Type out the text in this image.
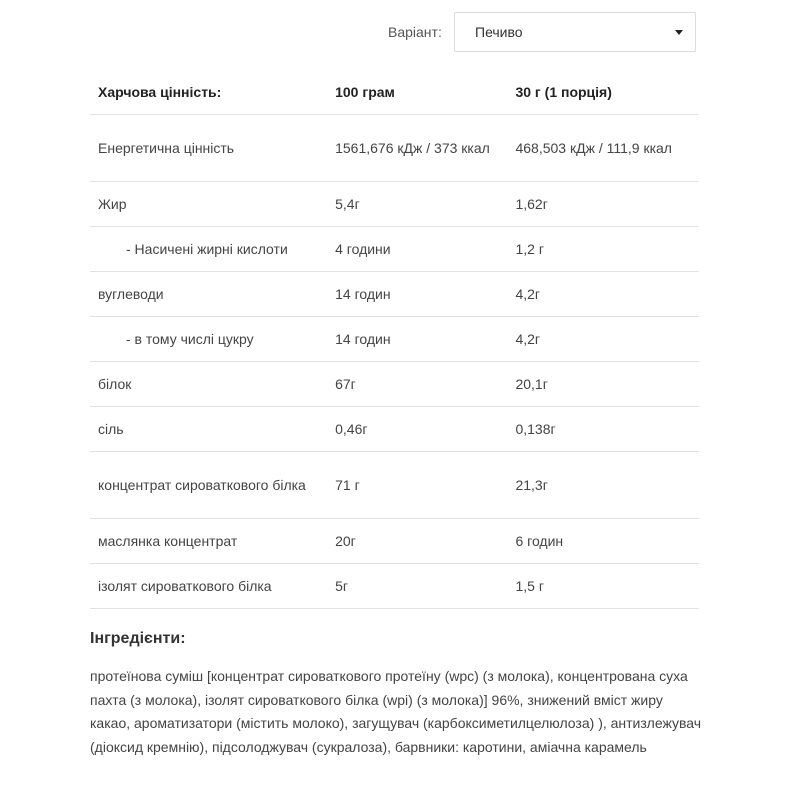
Варіант:	Печиво
Харчова цінність:	100 грам	30 г (1 порція)
Енергетична цінність	1561,676 кДж / 373 ккал	468,503 кДж / 111,9 ккал
Жир	5,4г	1,62г
- Насичені жирні кислоти	4 години	1,2 г
вуглеводи	14 годин	4,2г
- в тому числі цукру	14 годин	4,2г
білок	67г	20,1г
сіль	0,46г	0,138г
концентрат сироваткового білка	71 г	21,3г
маслянка концентрат	20г	6 годин
ізолят сироваткового білка	5г	1,5 г
Інгредієнти:
протеїнова суміш [концентрат сироваткового протеїну (wpc) (з молока), концентрована суха пахта (з молока), ізолят сироваткового білка (wpi) (з молока)] 96%, знижений вміст жиру какао, ароматизатори (містить молоко), загущувач (карбоксиметилцелюлоза) ), антизлежувач (діоксид кремнію), підсолоджувач (сукралоза), барвники: каротини, аміачна карамель
